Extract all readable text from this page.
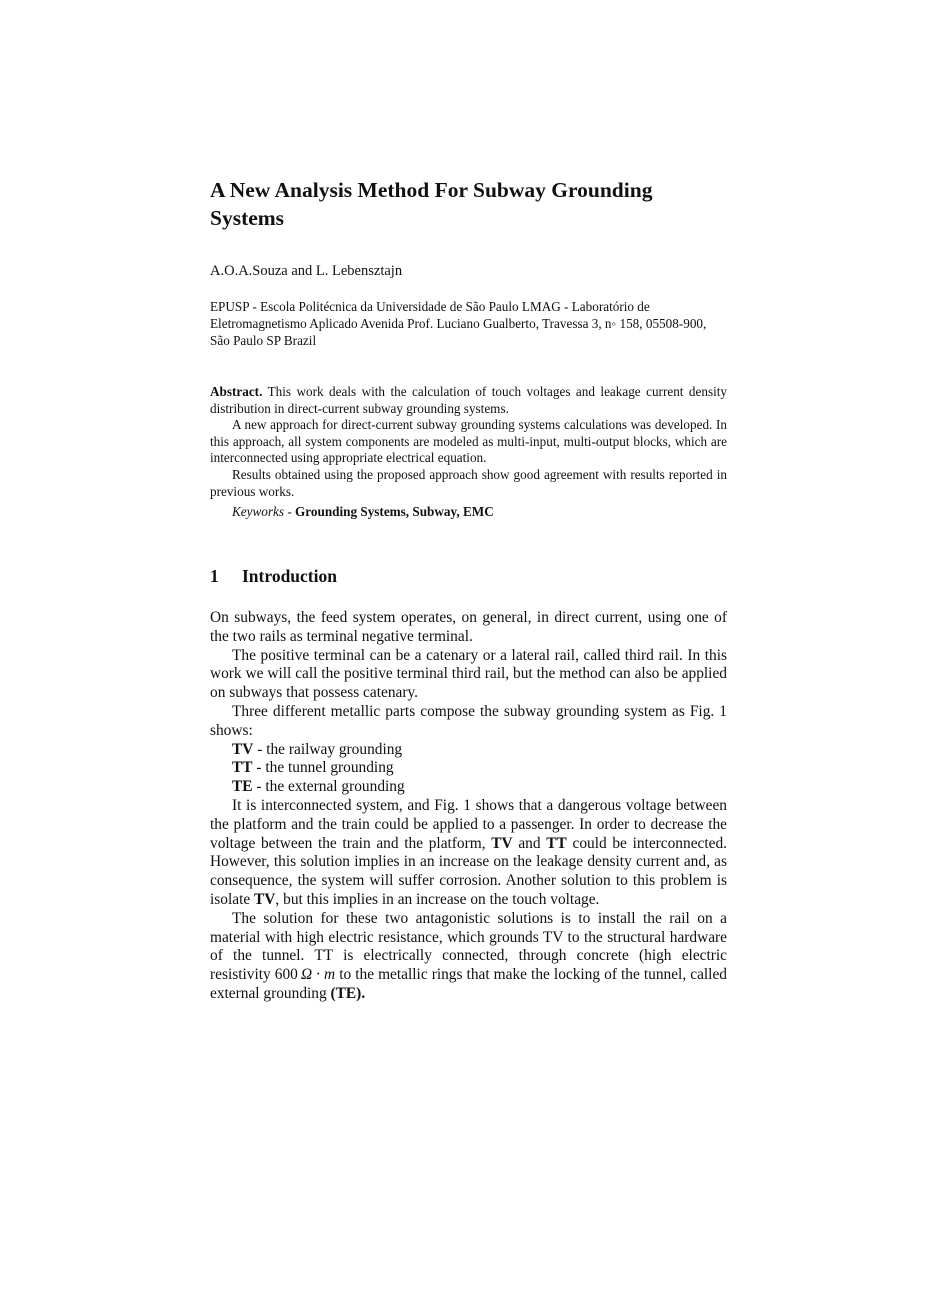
A New Analysis Method For Subway Grounding Systems
A.O.A.Souza and L. Lebensztajn
EPUSP - Escola Politécnica da Universidade de São Paulo LMAG - Laboratório de Eletromagnetismo Aplicado Avenida Prof. Luciano Gualberto, Travessa 3, n◦ 158, 05508-900, São Paulo SP Brazil

Abstract. This work deals with the calculation of touch voltages and leakage current density distribution in direct-current subway grounding systems.

A new approach for direct-current subway grounding systems calculations was developed. In this approach, all system components are modeled as multi-input, multi-output blocks, which are interconnected using appropriate electrical equation.

Results obtained using the proposed approach show good agreement with results reported in previous works.

Keyworks - Grounding Systems, Subway, EMC

1 Introduction

On subways, the feed system operates, on general, in direct current, using one of the two rails as terminal negative terminal.

The positive terminal can be a catenary or a lateral rail, called third rail. In this work we will call the positive terminal third rail, but the method can also be applied on subways that possess catenary.

Three different metallic parts compose the subway grounding system as Fig. 1 shows:

TV - the railway grounding

TT - the tunnel grounding

TE - the external grounding

It is interconnected system, and Fig. 1 shows that a dangerous voltage between the platform and the train could be applied to a passenger. In order to decrease the voltage between the train and the platform, TV and TT could be interconnected. However, this solution implies in an increase on the leakage density current and, as consequence, the system will suffer corrosion. Another solution to this problem is isolate TV, but this implies in an increase on the touch voltage.

The solution for these two antagonistic solutions is to install the rail on a material with high electric resistance, which grounds TV to the structural hardware of the tunnel. TT is electrically connected, through concrete (high electric resistivity 600 Ω · m to the metallic rings that make the locking of the tunnel, called external grounding (TE).
